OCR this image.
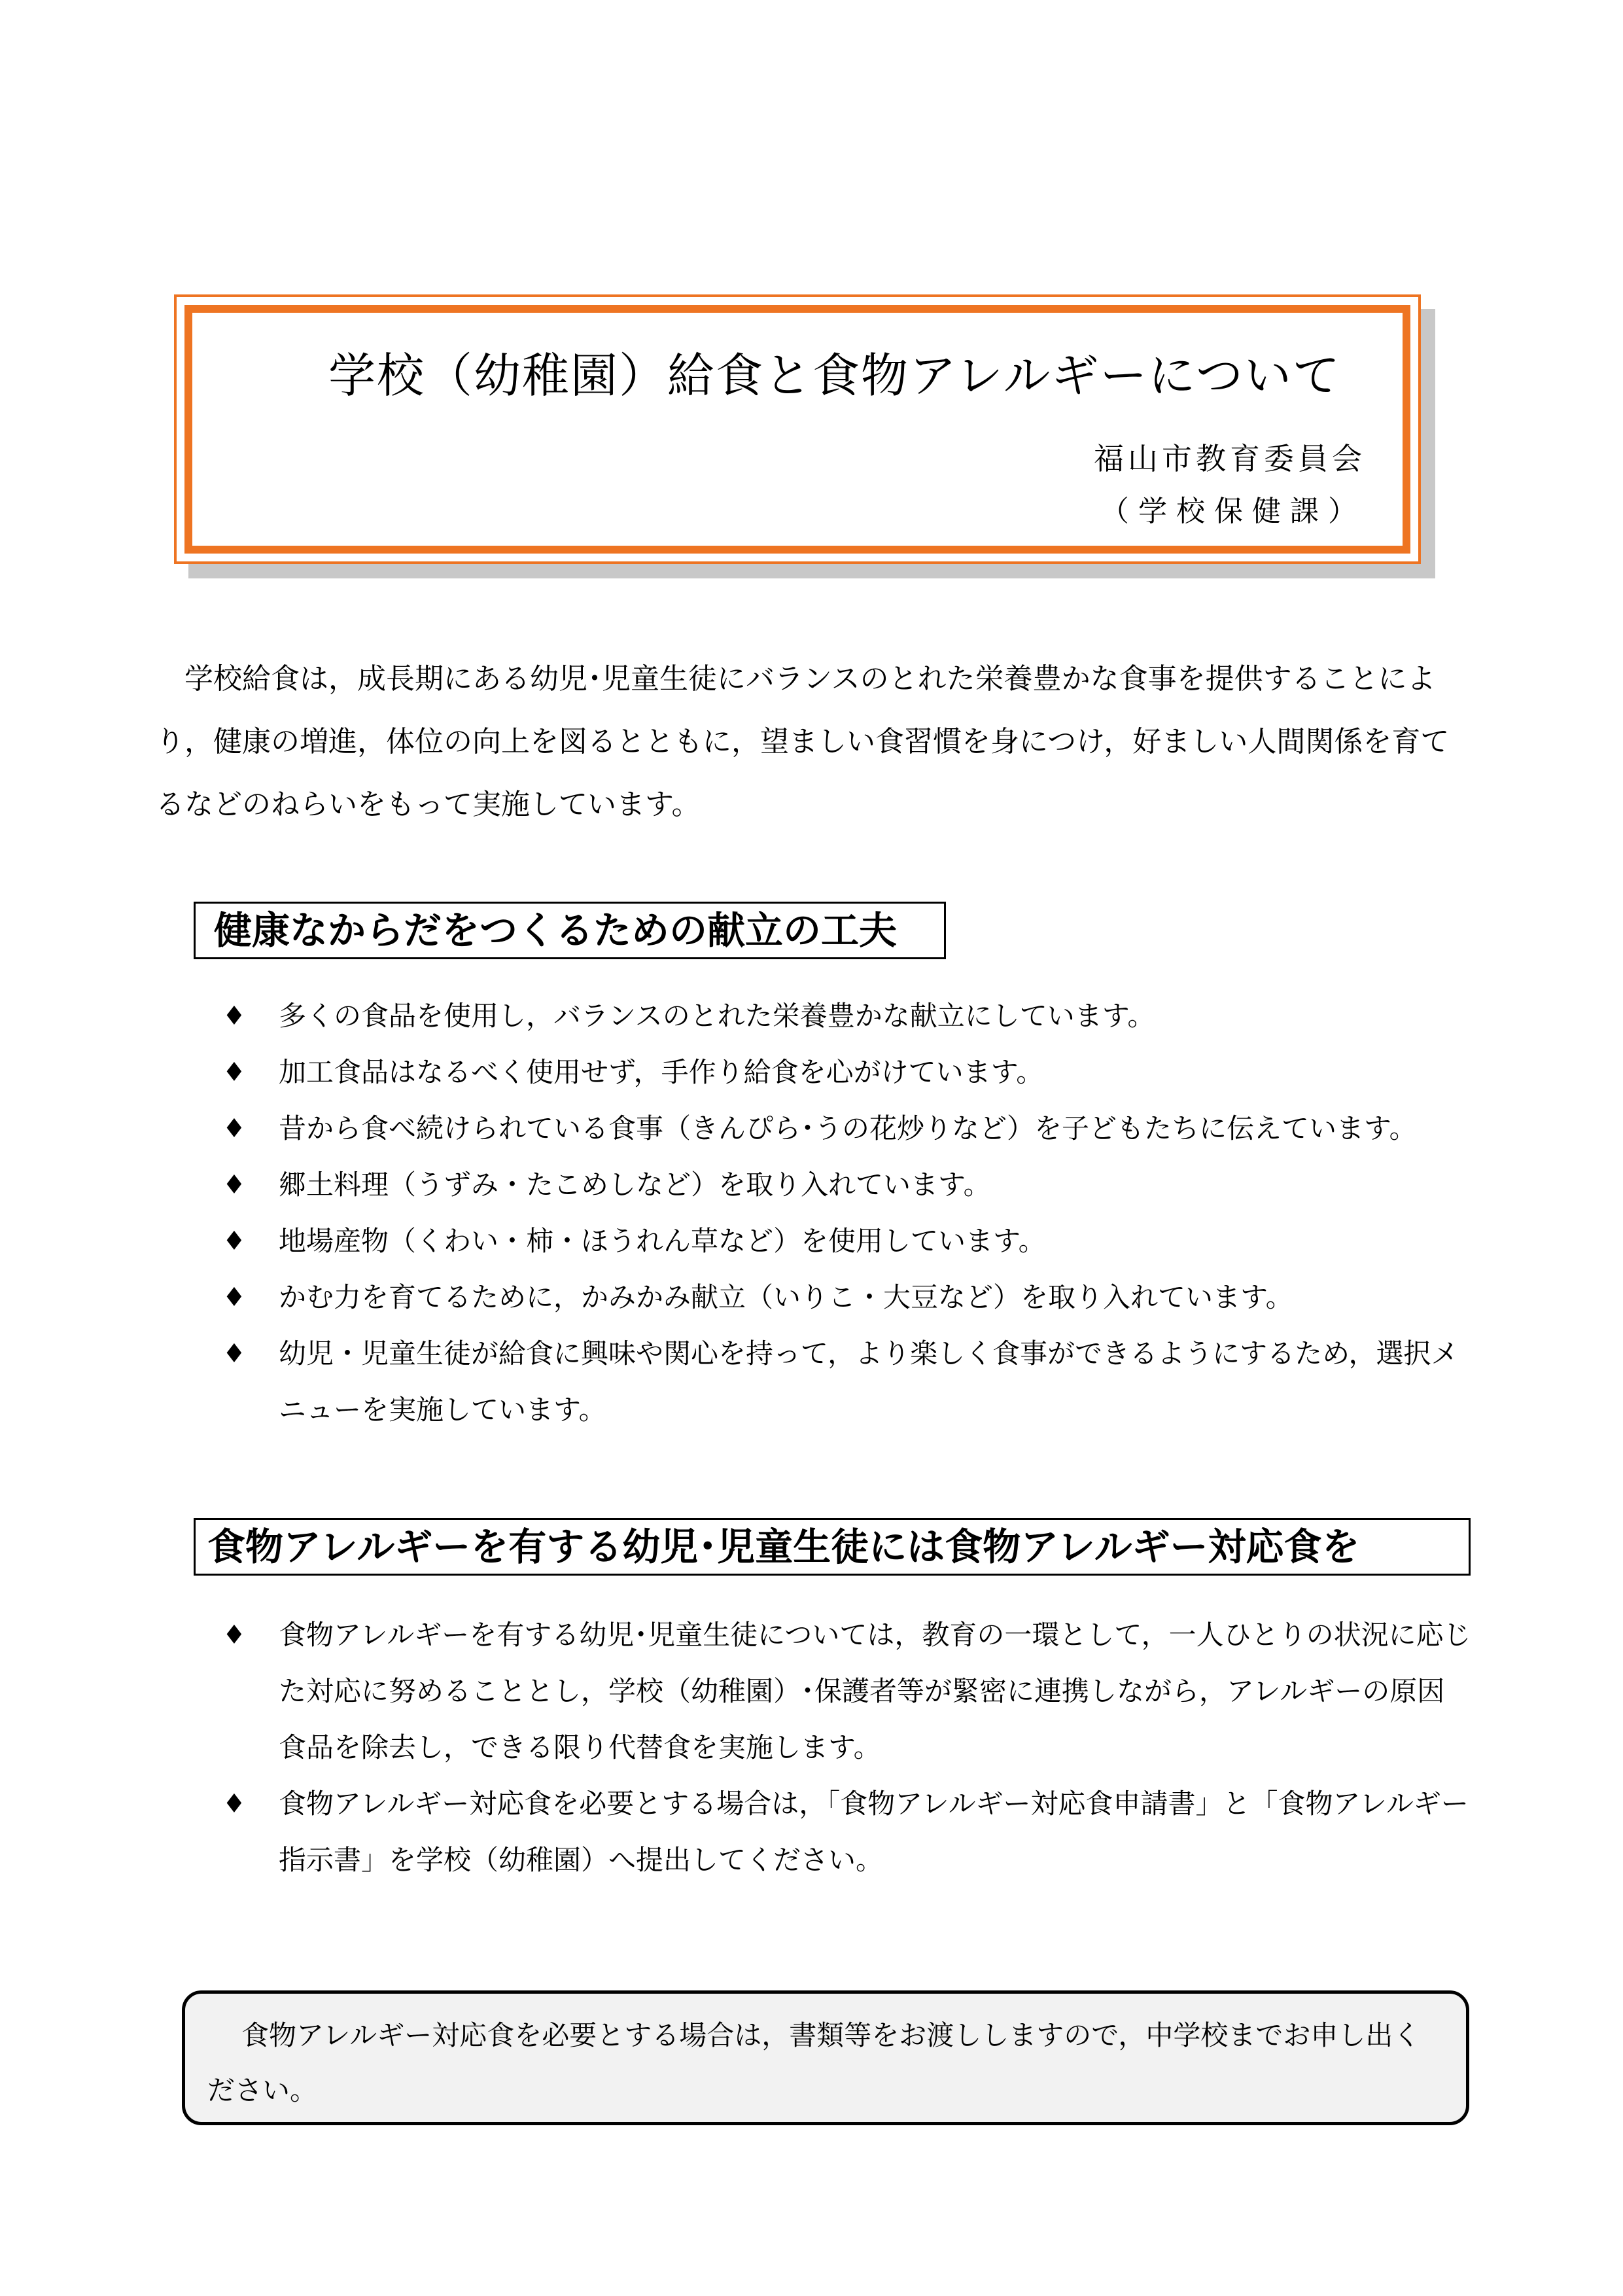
学校（幼稚園）給食と食物アレルギーについて
福山市教育委員会
（学校保健課）

学校給食は，成長期にある幼児･児童生徒にバランスのとれた栄養豊かな食事を提供することにより，健康の増進，体位の向上を図るとともに，望ましい食習慣を身につけ，好ましい人間関係を育てるなどのねらいをもって実施しています。

健康なからだをつくるための献立の工夫
♦ 多くの食品を使用し，バランスのとれた栄養豊かな献立にしています。
♦ 加工食品はなるべく使用せず，手作り給食を心がけています。
♦ 昔から食べ続けられている食事（きんぴら･うの花炒りなど）を子どもたちに伝えています。
♦ 郷土料理（うずみ・たこめしなど）を取り入れています。
♦ 地場産物（くわい・柿・ほうれん草など）を使用しています。
♦ かむ力を育てるために，かみかみ献立（いりこ・大豆など）を取り入れています。
♦ 幼児・児童生徒が給食に興味や関心を持って，より楽しく食事ができるようにするため，選択メニューを実施しています。
食物アレルギーを有する幼児･児童生徒には食物アレルギー対応食を
♦ 食物アレルギーを有する幼児･児童生徒については，教育の一環として，一人ひとりの状況に応じた対応に努めることとし，学校（幼稚園）･保護者等が緊密に連携しながら，アレルギーの原因食品を除去し，できる限り代替食を実施します。
♦ 食物アレルギー対応食を必要とする場合は，「食物アレルギー対応食申請書」と「食物アレルギー指示書」を学校（幼稚園）へ提出してください。
食物アレルギー対応食を必要とする場合は，書類等をお渡ししますので，中学校までお申し出ください。
